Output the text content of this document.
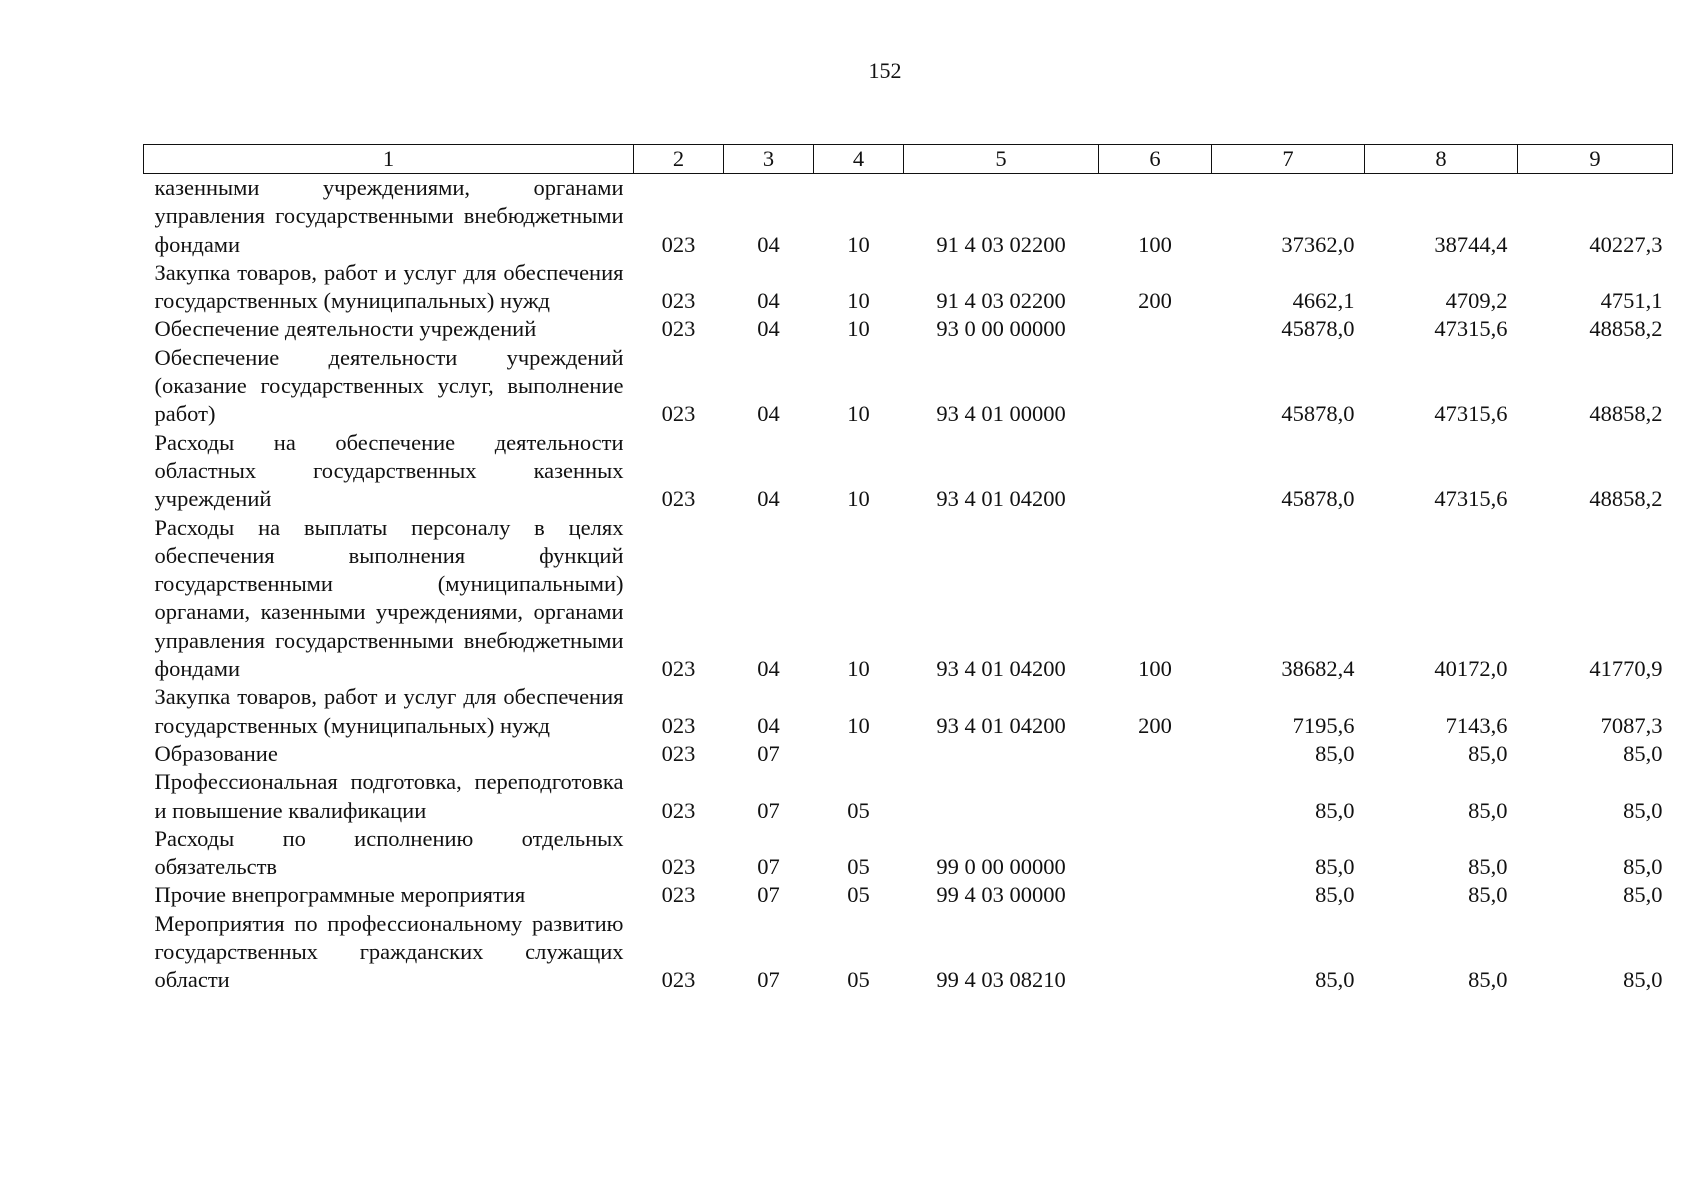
152
1	2	3	4	5	6	7	8	9
казенными учреждениями, органами управления государственными внебюджетными фондами	023	04	10	91 4 03 02200	100	37362,0	38744,4	40227,3
Закупка товаров, работ и услуг для обеспечения государственных (муниципальных) нужд	023	04	10	91 4 03 02200	200	4662,1	4709,2	4751,1
Обеспечение деятельности учреждений	023	04	10	93 0 00 00000		45878,0	47315,6	48858,2
Обеспечение деятельности учреждений (оказание государственных услуг, выполнение работ)	023	04	10	93 4 01 00000		45878,0	47315,6	48858,2
Расходы на обеспечение деятельности областных государственных казенных учреждений	023	04	10	93 4 01 04200		45878,0	47315,6	48858,2
Расходы на выплаты персоналу в целях обеспечения выполнения функций государственными (муниципальными) органами, казенными учреждениями, органами управления государственными внебюджетными фондами	023	04	10	93 4 01 04200	100	38682,4	40172,0	41770,9
Закупка товаров, работ и услуг для обеспечения государственных (муниципальных) нужд	023	04	10	93 4 01 04200	200	7195,6	7143,6	7087,3
Образование	023	07				85,0	85,0	85,0
Профессиональная подготовка, переподготовка и повышение квалификации	023	07	05			85,0	85,0	85,0
Расходы по исполнению отдельных обязательств	023	07	05	99 0 00 00000		85,0	85,0	85,0
Прочие внепрограммные мероприятия	023	07	05	99 4 03 00000		85,0	85,0	85,0
Мероприятия по профессиональному развитию государственных гражданских служащих области	023	07	05	99 4 03 08210		85,0	85,0	85,0
